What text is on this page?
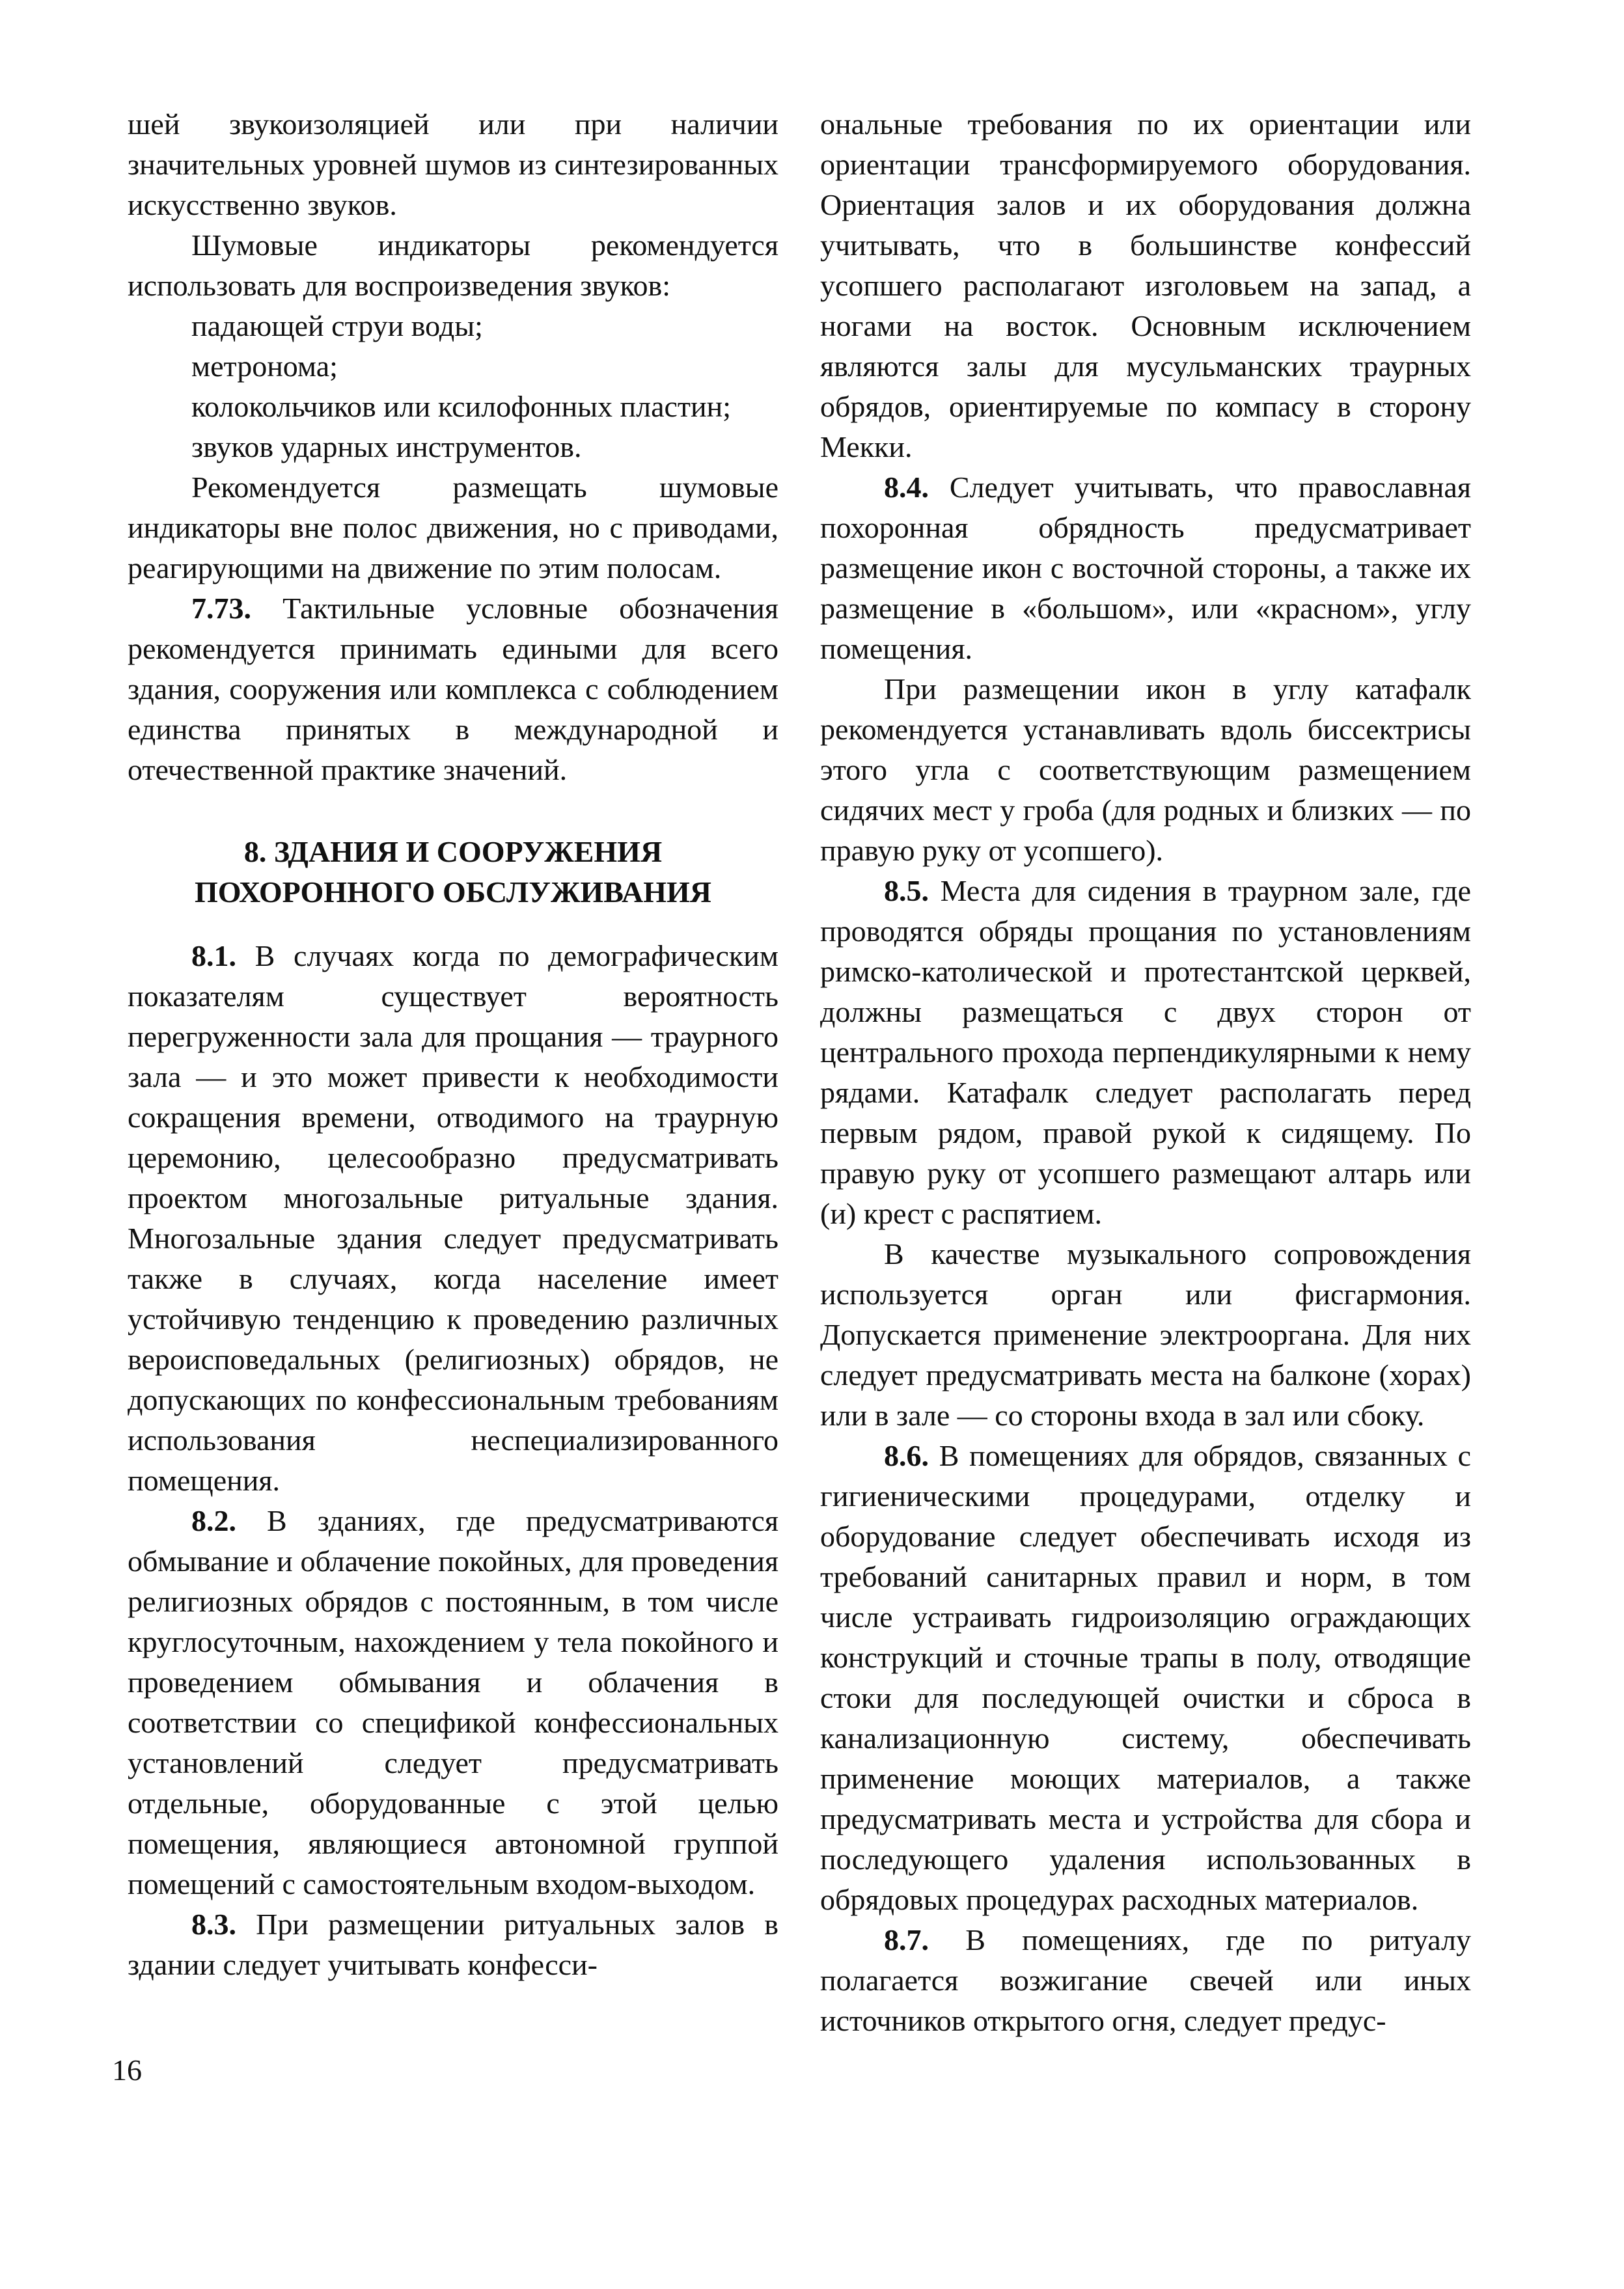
шей звукоизоляцией или при наличии значительных уровней шумов из синтезированных искусственно звуков.

Шумовые индикаторы рекомендуется использовать для воспроизведения звуков:

падающей струи воды;

метронома;

колокольчиков или ксилофонных пластин;

звуков ударных инструментов.

Рекомендуется размещать шумовые индикаторы вне полос движения, но с приводами, реагирующими на движение по этим полосам.

7.73. Тактильные условные обозначения рекомендуется принимать едиными для всего здания, сооружения или комплекса с соблюдением единства принятых в международной и отечественной практике значений.

8. ЗДАНИЯ И СООРУЖЕНИЯ
ПОХОРОННОГО ОБСЛУЖИВАНИЯ

8.1. В случаях когда по демографическим показателям существует вероятность перегруженности зала для прощания — траурного зала — и это может привести к необходимости сокращения времени, отводимого на траурную церемонию, целесообразно предусматривать проектом многозальные ритуальные здания. Многозальные здания следует предусматривать также в случаях, когда население имеет устойчивую тенденцию к проведению различных вероисповедальных (религиозных) обрядов, не допускающих по конфессиональным требованиям использования неспециализированного помещения.

8.2. В зданиях, где предусматриваются обмывание и облачение покойных, для проведения религиозных обрядов с постоянным, в том числе круглосуточным, нахождением у тела покойного и проведением обмывания и облачения в соответствии со спецификой конфессиональных установлений следует предусматривать отдельные, оборудованные с этой целью помещения, являющиеся автономной группой помещений с самостоятельным входом-выходом.

8.3. При размещении ритуальных залов в здании следует учитывать конфесси-

ональные требования по их ориентации или ориентации трансформируемого оборудования. Ориентация залов и их оборудования должна учитывать, что в большинстве конфессий усопшего располагают изголовьем на запад, а ногами на восток. Основным исключением являются залы для мусульманских траурных обрядов, ориентируемые по компасу в сторону Мекки.

8.4. Следует учитывать, что православная похоронная обрядность предусматривает размещение икон с восточной стороны, а также их размещение в «большом», или «красном», углу помещения.

При размещении икон в углу катафалк рекомендуется устанавливать вдоль биссектрисы этого угла с соответствующим размещением сидячих мест у гроба (для родных и близких — по правую руку от усопшего).

8.5. Места для сидения в траурном зале, где проводятся обряды прощания по установлениям римско-католической и протестантской церквей, должны размещаться с двух сторон от центрального прохода перпендикулярными к нему рядами. Катафалк следует располагать перед первым рядом, правой рукой к сидящему. По правую руку от усопшего размещают алтарь или (и) крест с распятием.

В качестве музыкального сопровождения используется орган или фисгармония. Допускается применение электрооргана. Для них следует предусматривать места на балконе (хорах) или в зале — со стороны входа в зал или сбоку.

8.6. В помещениях для обрядов, связанных с гигиеническими процедурами, отделку и оборудование следует обеспечивать исходя из требований санитарных правил и норм, в том числе устраивать гидроизоляцию ограждающих конструкций и сточные трапы в полу, отводящие стоки для последующей очистки и сброса в канализационную систему, обеспечивать применение моющих материалов, а также предусматривать места и устройства для сбора и последующего удаления использованных в обрядовых процедурах расходных материалов.

8.7. В помещениях, где по ритуалу полагается возжигание свечей или иных источников открытого огня, следует предус-

16
